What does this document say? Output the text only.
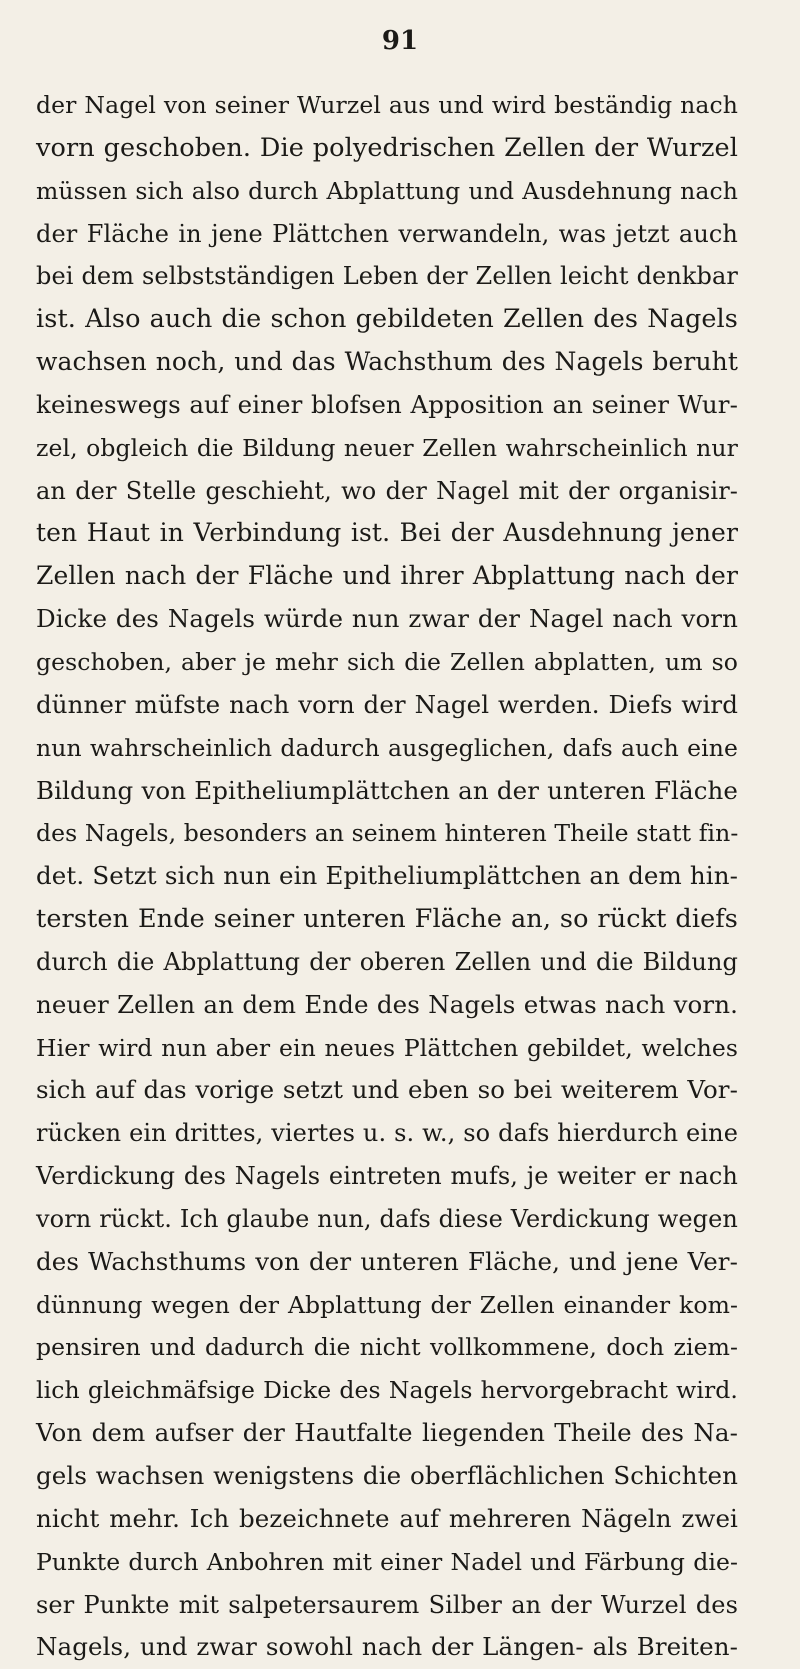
91
der Nagel von seiner Wurzel aus und wird beständig nach
vorn geschoben. Die polyedrischen Zellen der Wurzel
müssen sich also durch Abplattung und Ausdehnung nach
der Fläche in jene Plättchen verwandeln, was jetzt auch
bei dem selbstständigen Leben der Zellen leicht denkbar
ist. Also auch die schon gebildeten Zellen des Nagels
wachsen noch, und das Wachsthum des Nagels beruht
keineswegs auf einer blofsen Apposition an seiner Wur-
zel, obgleich die Bildung neuer Zellen wahrscheinlich nur
an der Stelle geschieht, wo der Nagel mit der organisir-
ten Haut in Verbindung ist. Bei der Ausdehnung jener
Zellen nach der Fläche und ihrer Abplattung nach der
Dicke des Nagels würde nun zwar der Nagel nach vorn
geschoben, aber je mehr sich die Zellen abplatten, um so
dünner müfste nach vorn der Nagel werden. Diefs wird
nun wahrscheinlich dadurch ausgeglichen, dafs auch eine
Bildung von Epitheliumplättchen an der unteren Fläche
des Nagels, besonders an seinem hinteren Theile statt fin-
det. Setzt sich nun ein Epitheliumplättchen an dem hin-
tersten Ende seiner unteren Fläche an, so rückt diefs
durch die Abplattung der oberen Zellen und die Bildung
neuer Zellen an dem Ende des Nagels etwas nach vorn.
Hier wird nun aber ein neues Plättchen gebildet, welches
sich auf das vorige setzt und eben so bei weiterem Vor-
rücken ein drittes, viertes u. s. w., so dafs hierdurch eine
Verdickung des Nagels eintreten mufs, je weiter er nach
vorn rückt. Ich glaube nun, dafs diese Verdickung wegen
des Wachsthums von der unteren Fläche, und jene Ver-
dünnung wegen der Abplattung der Zellen einander kom-
pensiren und dadurch die nicht vollkommene, doch ziem-
lich gleichmäfsige Dicke des Nagels hervorgebracht wird.
Von dem aufser der Hautfalte liegenden Theile des Na-
gels wachsen wenigstens die oberflächlichen Schichten
nicht mehr. Ich bezeichnete auf mehreren Nägeln zwei
Punkte durch Anbohren mit einer Nadel und Färbung die-
ser Punkte mit salpetersaurem Silber an der Wurzel des
Nagels, und zwar sowohl nach der Längen- als Breiten-
